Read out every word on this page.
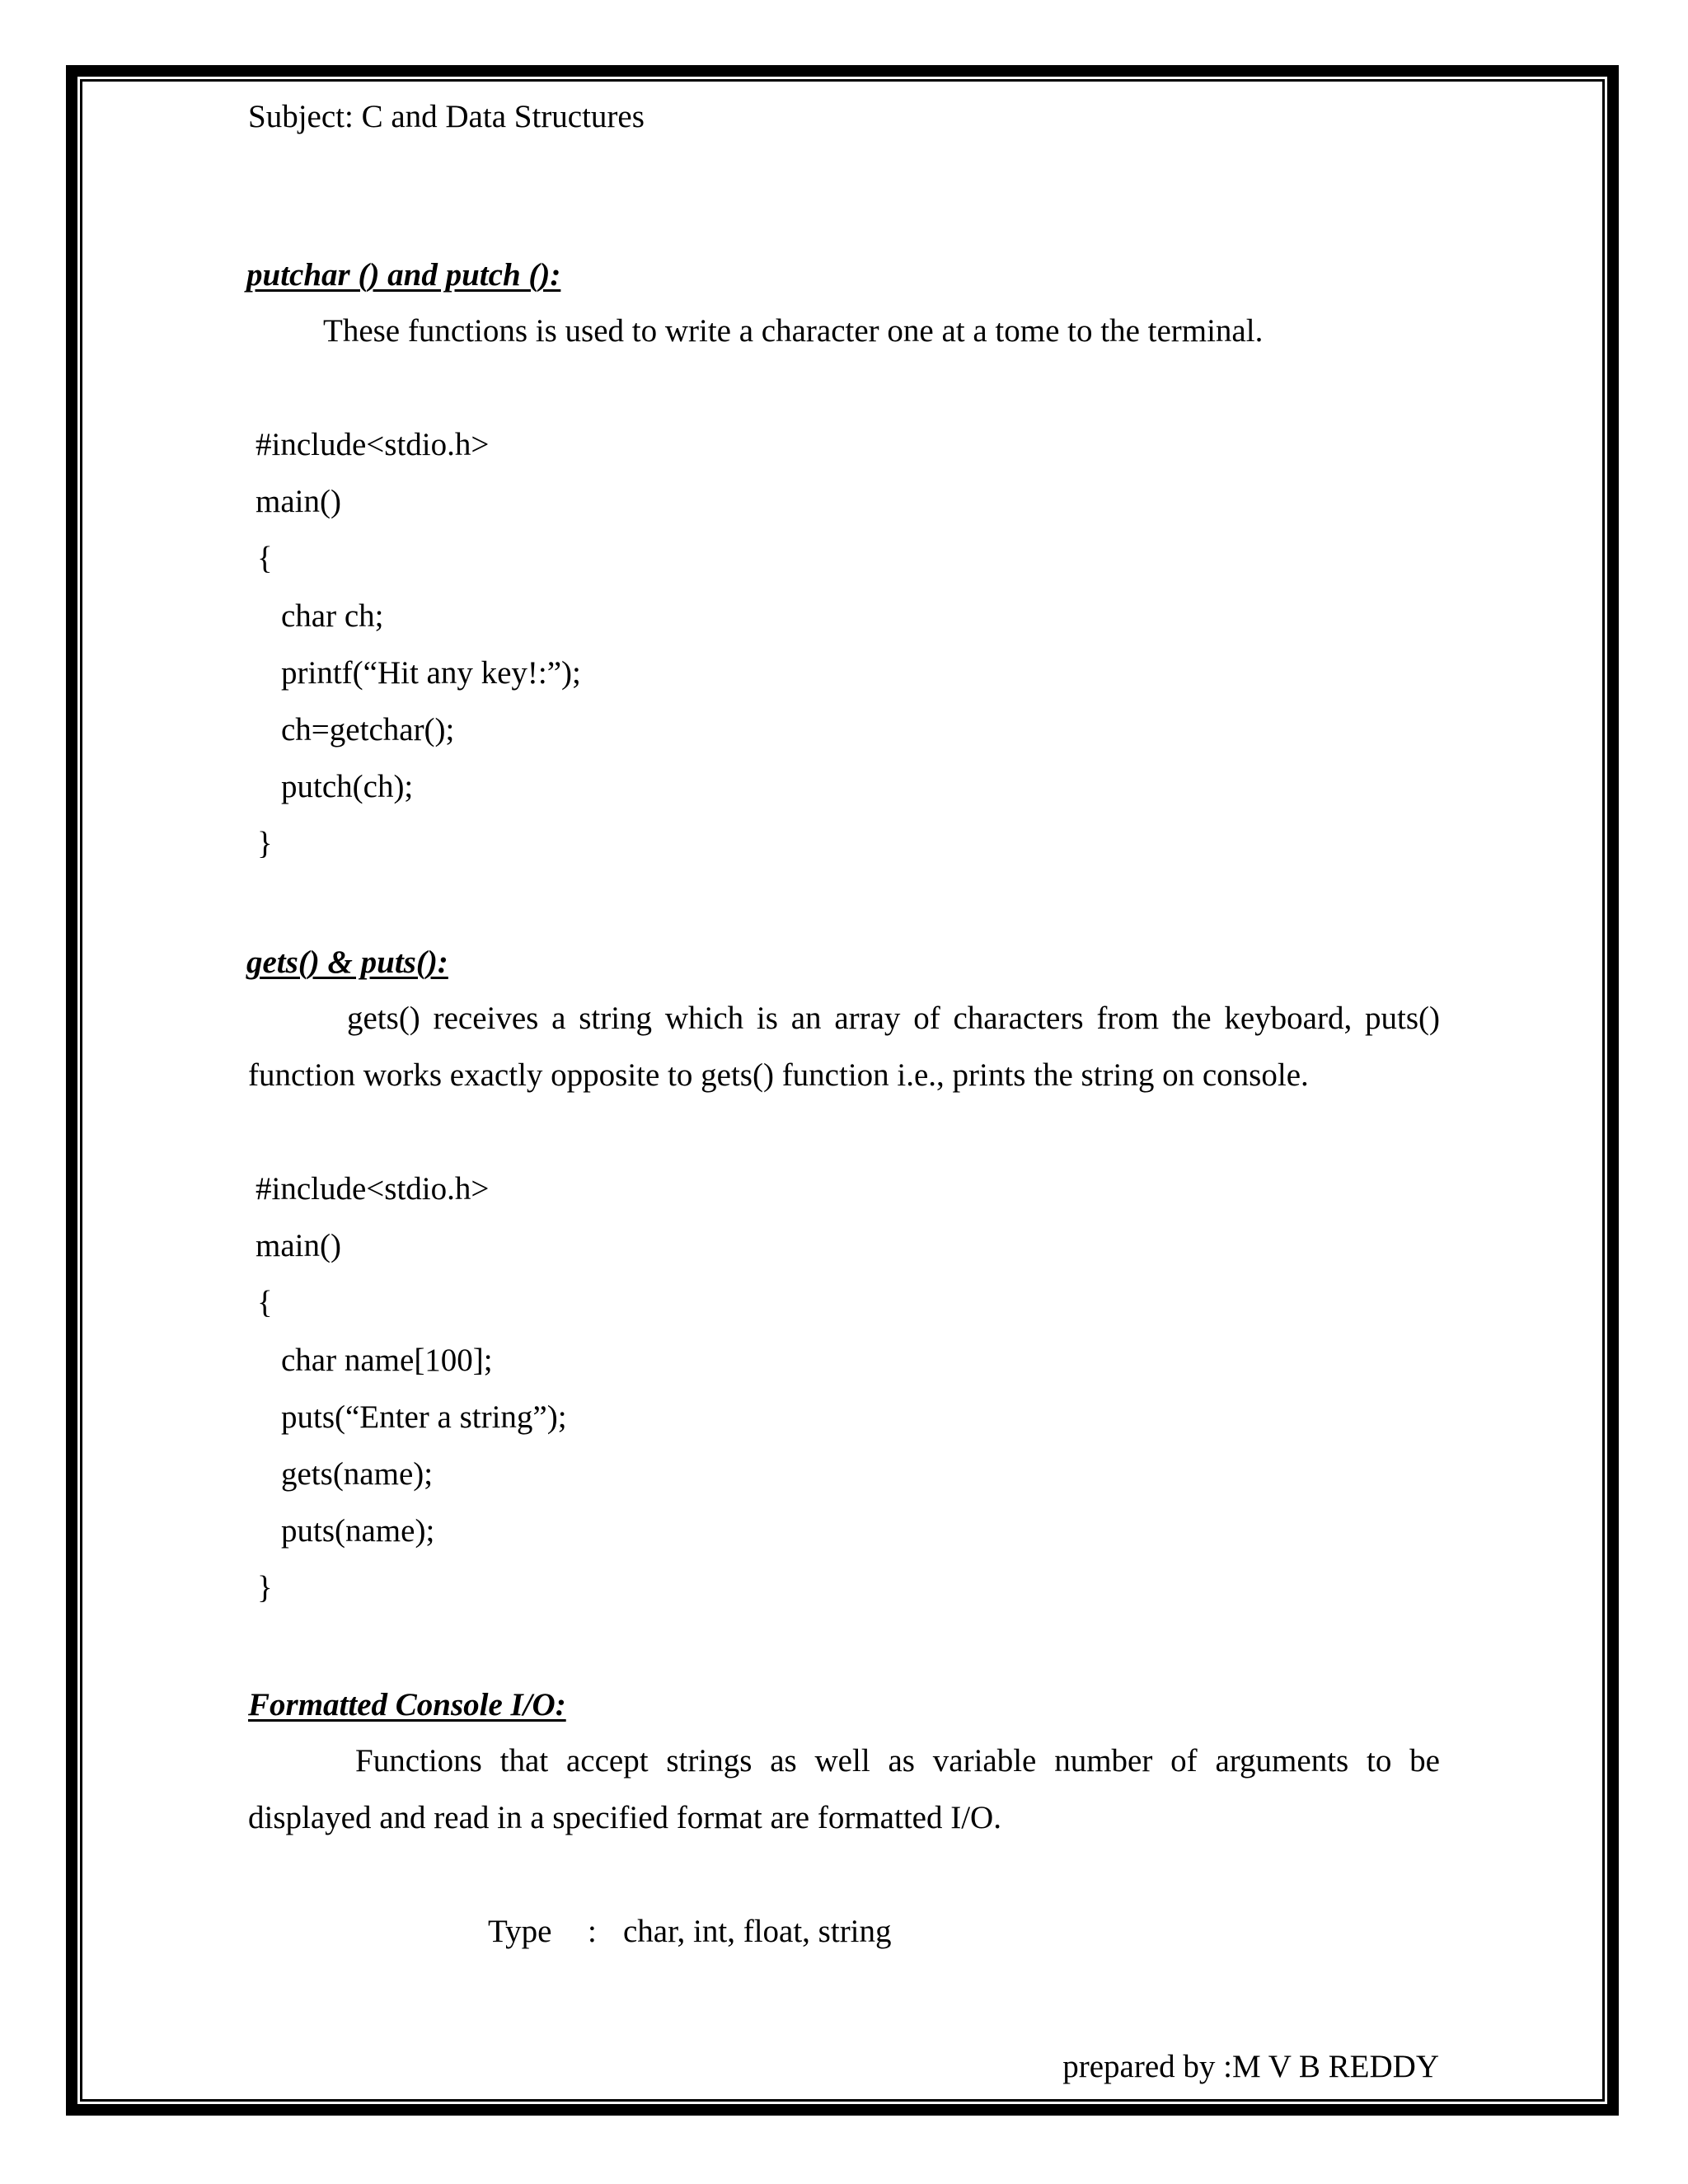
Subject: C and Data Structures
putchar () and putch ():
These functions is used to write a character one at a tome to the terminal.
#include<stdio.h>
main()
{
char ch;
printf(“Hit any key!:”);
ch=getchar();
putch(ch);
}
gets() & puts():
gets() receives a string which is an array of characters from the keyboard, puts()
function works exactly opposite to gets() function i.e., prints the string on console.
#include<stdio.h>
main()
{
char name[100];
puts(“Enter a string”);
gets(name);
puts(name);
}
Formatted Console I/O:
Functions that accept strings as well as variable number of arguments to be
displayed and read in a specified format are formatted I/O.
Type : char, int, float, string
prepared by :M V B REDDY
